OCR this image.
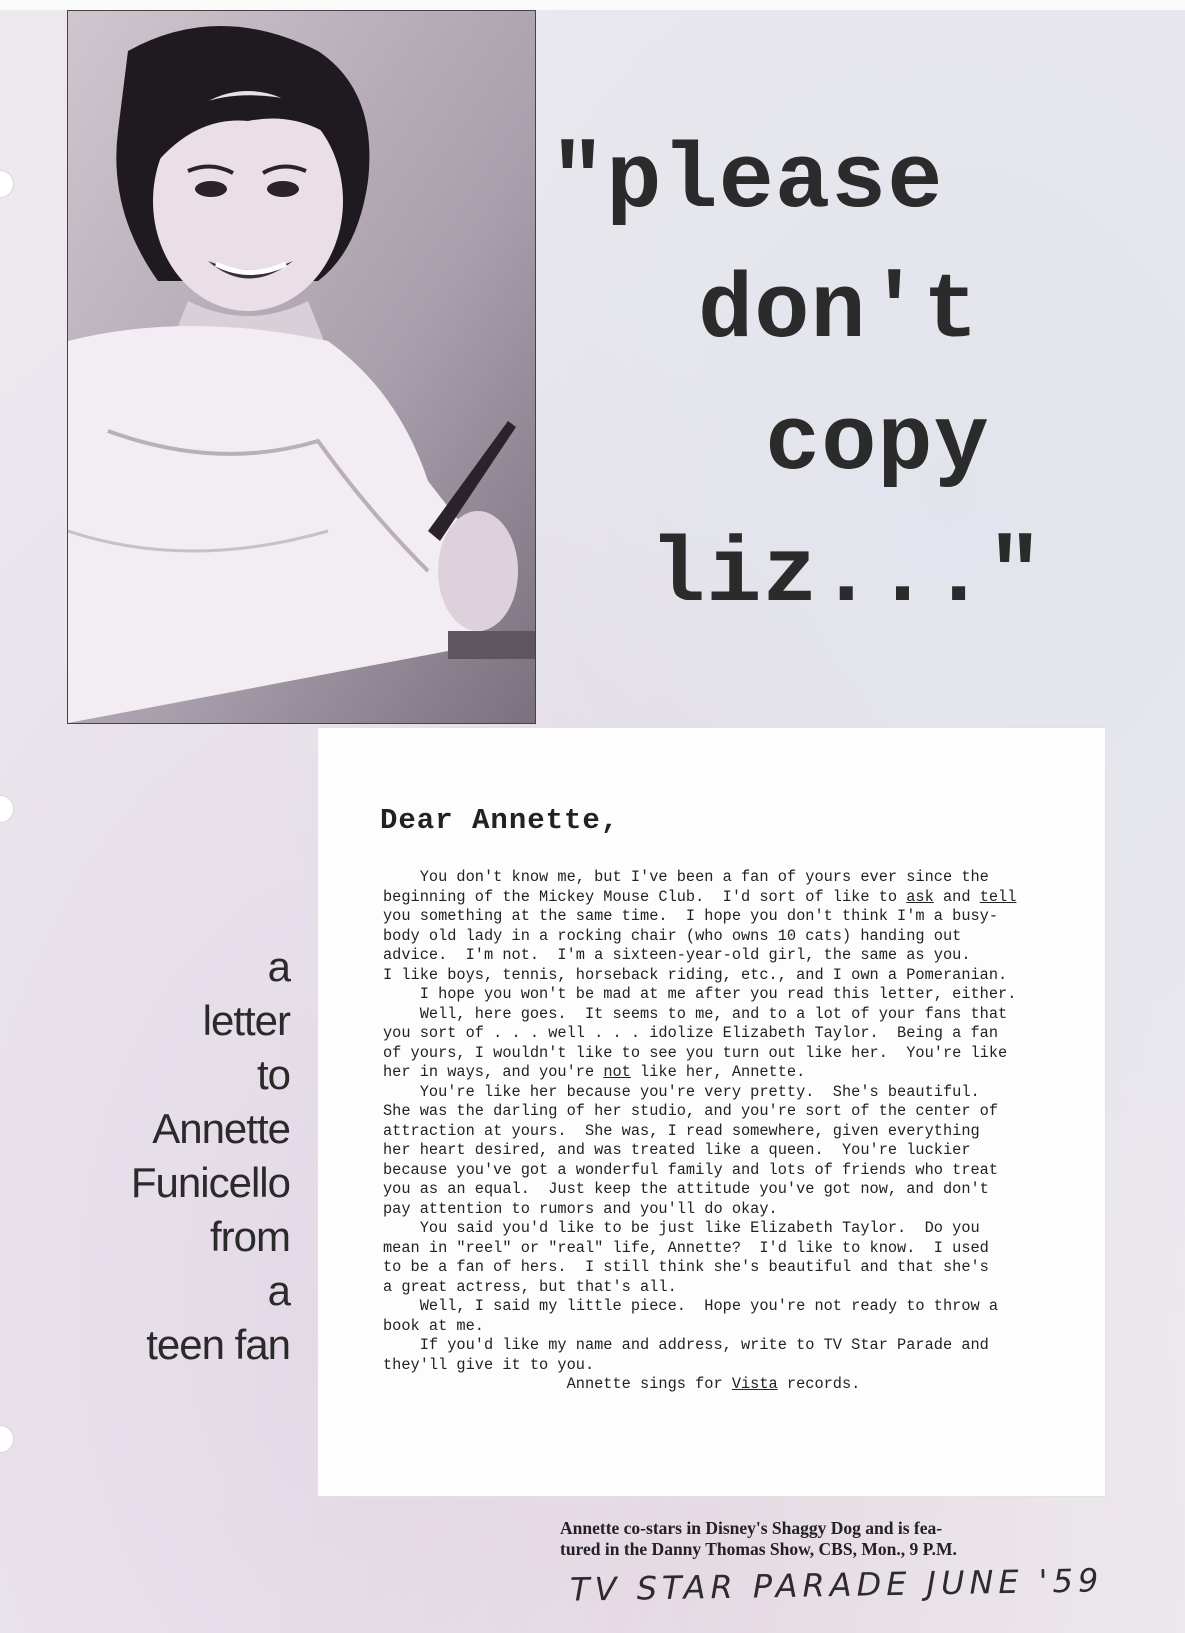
"please
don't
copy
liz..."
a
letter
to
Annette
Funicello
from
a
teen fan
Dear Annette,
You don't know me, but I've been a fan of yours ever since the
beginning of the Mickey Mouse Club.  I'd sort of like to ask and tell
you something at the same time.  I hope you don't think I'm a busy-
body old lady in a rocking chair (who owns 10 cats) handing out
advice.  I'm not.  I'm a sixteen-year-old girl, the same as you.
I like boys, tennis, horseback riding, etc., and I own a Pomeranian.
I hope you won't be mad at me after you read this letter, either.
Well, here goes.  It seems to me, and to a lot of your fans that
you sort of . . . well . . . idolize Elizabeth Taylor.  Being a fan
of yours, I wouldn't like to see you turn out like her.  You're like
her in ways, and you're not like her, Annette.
You're like her because you're very pretty.  She's beautiful.
She was the darling of her studio, and you're sort of the center of
attraction at yours.  She was, I read somewhere, given everything
her heart desired, and was treated like a queen.  You're luckier
because you've got a wonderful family and lots of friends who treat
you as an equal.  Just keep the attitude you've got now, and don't
pay attention to rumors and you'll do okay.
You said you'd like to be just like Elizabeth Taylor.  Do you
mean in "reel" or "real" life, Annette?  I'd like to know.  I used
to be a fan of hers.  I still think she's beautiful and that she's
a great actress, but that's all.
Well, I said my little piece.  Hope you're not ready to throw a
book at me.
If you'd like my name and address, write to TV Star Parade and
they'll give it to you.
Annette sings for Vista records.
Annette co-stars in Disney's Shaggy Dog and is fea-
tured in the Danny Thomas Show, CBS, Mon., 9 P.M.
TV STAR PARADE JUNE '59
